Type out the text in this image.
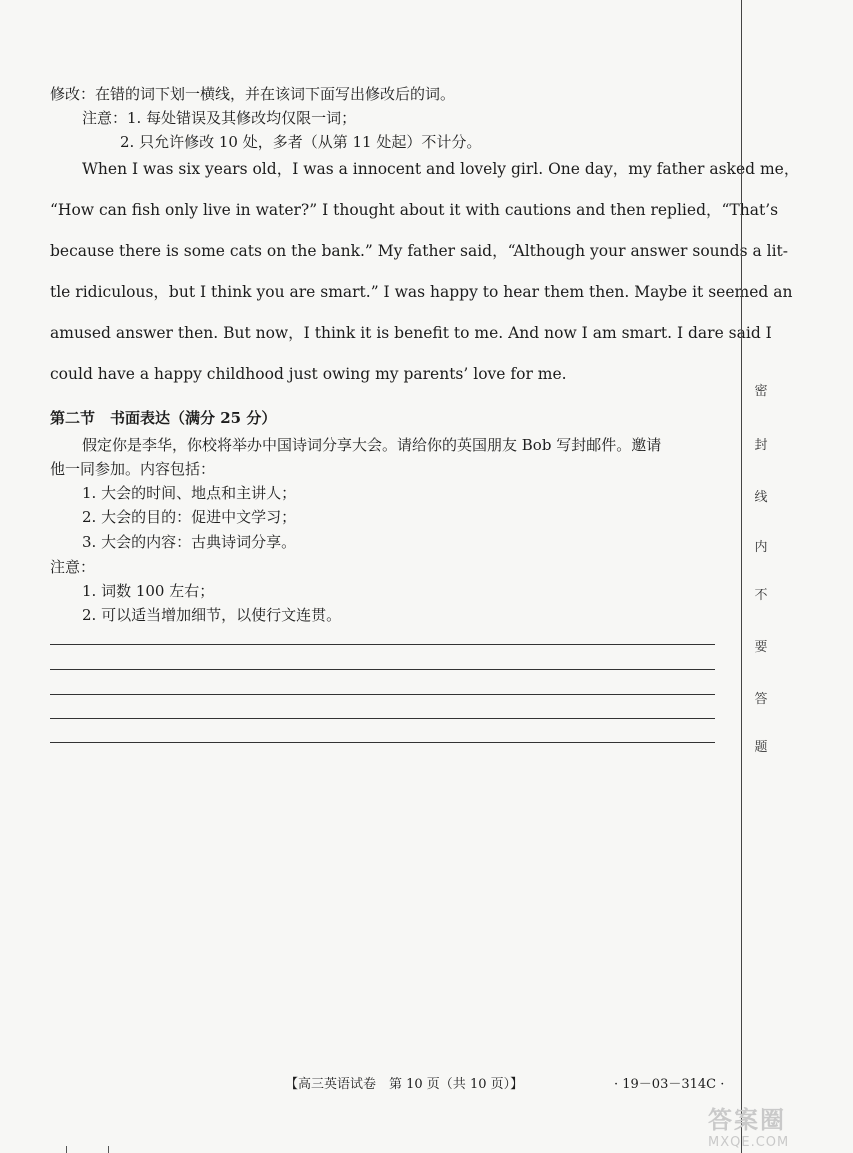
修改：在错的词下划一横线，并在该词下面写出修改后的词。
注意：1. 每处错误及其修改均仅限一词；
2. 只允许修改 10 处，多者（从第 11 处起）不计分。
When I was six years old，I was a innocent and lovely girl. One day，my father asked me，
“How can fish only live in water?” I thought about it with cautions and then replied，“That’s
because there is some cats on the bank.” My father said，“Although your answer sounds a lit-
tle ridiculous，but I think you are smart.” I was happy to hear them then. Maybe it seemed an
amused answer then. But now，I think it is benefit to me. And now I am smart. I dare said I
could have a happy childhood just owing my parents’ love for me.
第二节　书面表达（满分 25 分）
假定你是李华，你校将举办中国诗词分享大会。请给你的英国朋友 Bob 写封邮件。邀请
他一同参加。内容包括：
1. 大会的时间、地点和主讲人；
2. 大会的目的：促进中文学习；
3. 大会的内容：古典诗词分享。
注意：
1. 词数 100 左右；
2. 可以适当增加细节，以使行文连贯。
密
封
线
内
不
要
答
题
【高三英语试卷　第 10 页（共 10 页）】	· 19－03－314C ·
答案圈
MXQE.COM
